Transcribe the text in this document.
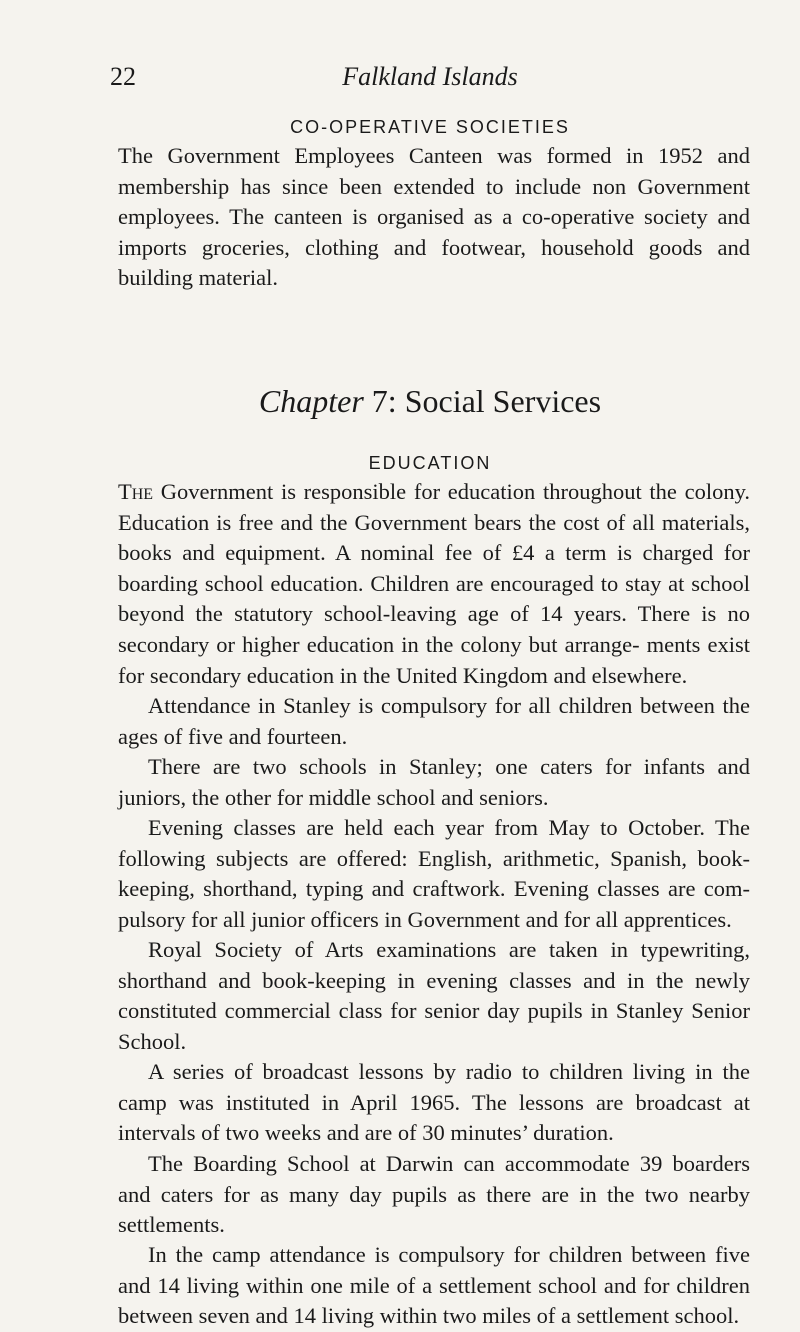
22	Falkland Islands
CO-OPERATIVE SOCIETIES

The Government Employees Canteen was formed in 1952 and membership has since been extended to include non Government employees. The canteen is organised as a co-operative society and imports groceries, clothing and footwear, household goods and building material.

Chapter 7: Social Services
EDUCATION

The Government is responsible for education throughout the colony. Education is free and the Government bears the cost of all materials, books and equipment. A nominal fee of £4 a term is charged for boarding school education. Children are encouraged to stay at school beyond the statutory school-leaving age of 14 years. There is no secondary or higher education in the colony but arrange- ments exist for secondary education in the United Kingdom and elsewhere.

Attendance in Stanley is compulsory for all children between the ages of five and fourteen.

There are two schools in Stanley; one caters for infants and juniors, the other for middle school and seniors.

Evening classes are held each year from May to October. The following subjects are offered: English, arithmetic, Spanish, book- keeping, shorthand, typing and craftwork. Evening classes are com- pulsory for all junior officers in Government and for all apprentices.

Royal Society of Arts examinations are taken in typewriting, shorthand and book-keeping in evening classes and in the newly constituted commercial class for senior day pupils in Stanley Senior School.

A series of broadcast lessons by radio to children living in the camp was instituted in April 1965. The lessons are broadcast at intervals of two weeks and are of 30 minutes’ duration.

The Boarding School at Darwin can accommodate 39 boarders and caters for as many day pupils as there are in the two nearby settlements.

In the camp attendance is compulsory for children between five and 14 living within one mile of a settlement school and for children between seven and 14 living within two miles of a settlement school.
